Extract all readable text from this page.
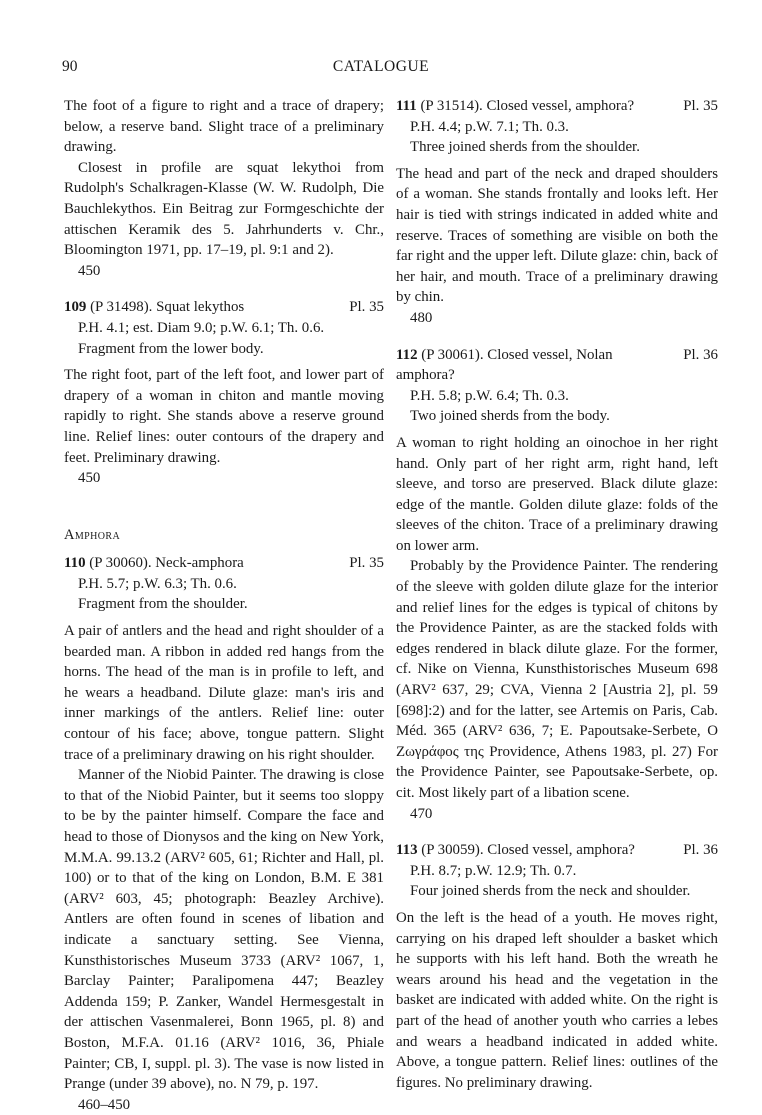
90	CATALOGUE

The foot of a figure to right and a trace of drapery; below, a reserve band. Slight trace of a preliminary drawing.

Closest in profile are squat lekythoi from Rudolph's Schalkragen-Klasse (W. W. Rudolph, Die Bauchlekythos. Ein Beitrag zur Formgeschichte der attischen Keramik des 5. Jahrhunderts v. Chr., Bloomington 1971, pp. 17–19, pl. 9:1 and 2).

450
109 (P 31498). Squat lekythos	Pl. 35
P.H. 4.1; est. Diam 9.0; p.W. 6.1; Th. 0.6.
Fragment from the lower body.

The right foot, part of the left foot, and lower part of drapery of a woman in chiton and mantle moving rapidly to right. She stands above a reserve ground line. Relief lines: outer contours of the drapery and feet. Preliminary drawing.

450
Amphora
110 (P 30060). Neck-amphora	Pl. 35
P.H. 5.7; p.W. 6.3; Th. 0.6.
Fragment from the shoulder.

A pair of antlers and the head and right shoulder of a bearded man. A ribbon in added red hangs from the horns. The head of the man is in profile to left, and he wears a headband. Dilute glaze: man's iris and inner markings of the antlers. Relief line: outer contour of his face; above, tongue pattern. Slight trace of a preliminary drawing on his right shoulder.

Manner of the Niobid Painter. The drawing is close to that of the Niobid Painter, but it seems too sloppy to be by the painter himself. Compare the face and head to those of Dionysos and the king on New York, M.M.A. 99.13.2 (ARV² 605, 61; Richter and Hall, pl. 100) or to that of the king on London, B.M. E 381 (ARV² 603, 45; photograph: Beazley Archive). Antlers are often found in scenes of libation and indicate a sanctuary setting. See Vienna, Kunsthistorisches Museum 3733 (ARV² 1067, 1, Barclay Painter; Paralipomena 447; Beazley Addenda 159; P. Zanker, Wandel Hermesgestalt in der attischen Vasenmalerei, Bonn 1965, pl. 8) and Boston, M.F.A. 01.16 (ARV² 1016, 36, Phiale Painter; CB, I, suppl. pl. 3). The vase is now listed in Prange (under 39 above), no. N 79, p. 197.

460–450
111 (P 31514). Closed vessel, amphora?	Pl. 35
P.H. 4.4; p.W. 7.1; Th. 0.3.
Three joined sherds from the shoulder.

The head and part of the neck and draped shoulders of a woman. She stands frontally and looks left. Her hair is tied with strings indicated in added white and reserve. Traces of something are visible on both the far right and the upper left. Dilute glaze: chin, back of her hair, and mouth. Trace of a preliminary drawing by chin.

480
112 (P 30061). Closed vessel, Nolan amphora?
Pl. 36
P.H. 5.8; p.W. 6.4; Th. 0.3.
Two joined sherds from the body.

A woman to right holding an oinochoe in her right hand. Only part of her right arm, right hand, left sleeve, and torso are preserved. Black dilute glaze: edge of the mantle. Golden dilute glaze: folds of the sleeves of the chiton. Trace of a preliminary drawing on lower arm.

Probably by the Providence Painter. The rendering of the sleeve with golden dilute glaze for the interior and relief lines for the edges is typical of chitons by the Providence Painter, as are the stacked folds with edges rendered in black dilute glaze. For the former, cf. Nike on Vienna, Kunsthistorisches Museum 698 (ARV² 637, 29; CVA, Vienna 2 [Austria 2], pl. 59 [698]:2) and for the latter, see Artemis on Paris, Cab. Méd. 365 (ARV² 636, 7; E. Papoutsake-Serbete, O Ζωγράφος της Providence, Athens 1983, pl. 27) For the Providence Painter, see Papoutsake-Serbete, op. cit. Most likely part of a libation scene.

470
113 (P 30059). Closed vessel, amphora?	Pl. 36
P.H. 8.7; p.W. 12.9; Th. 0.7.
Four joined sherds from the neck and shoulder.

On the left is the head of a youth. He moves right, carrying on his draped left shoulder a basket which he supports with his left hand. Both the wreath he wears around his head and the vegetation in the basket are indicated with added white. On the right is part of the head of another youth who carries a lebes and wears a headband indicated in added white. Above, a tongue pattern. Relief lines: outlines of the figures. No preliminary drawing.
